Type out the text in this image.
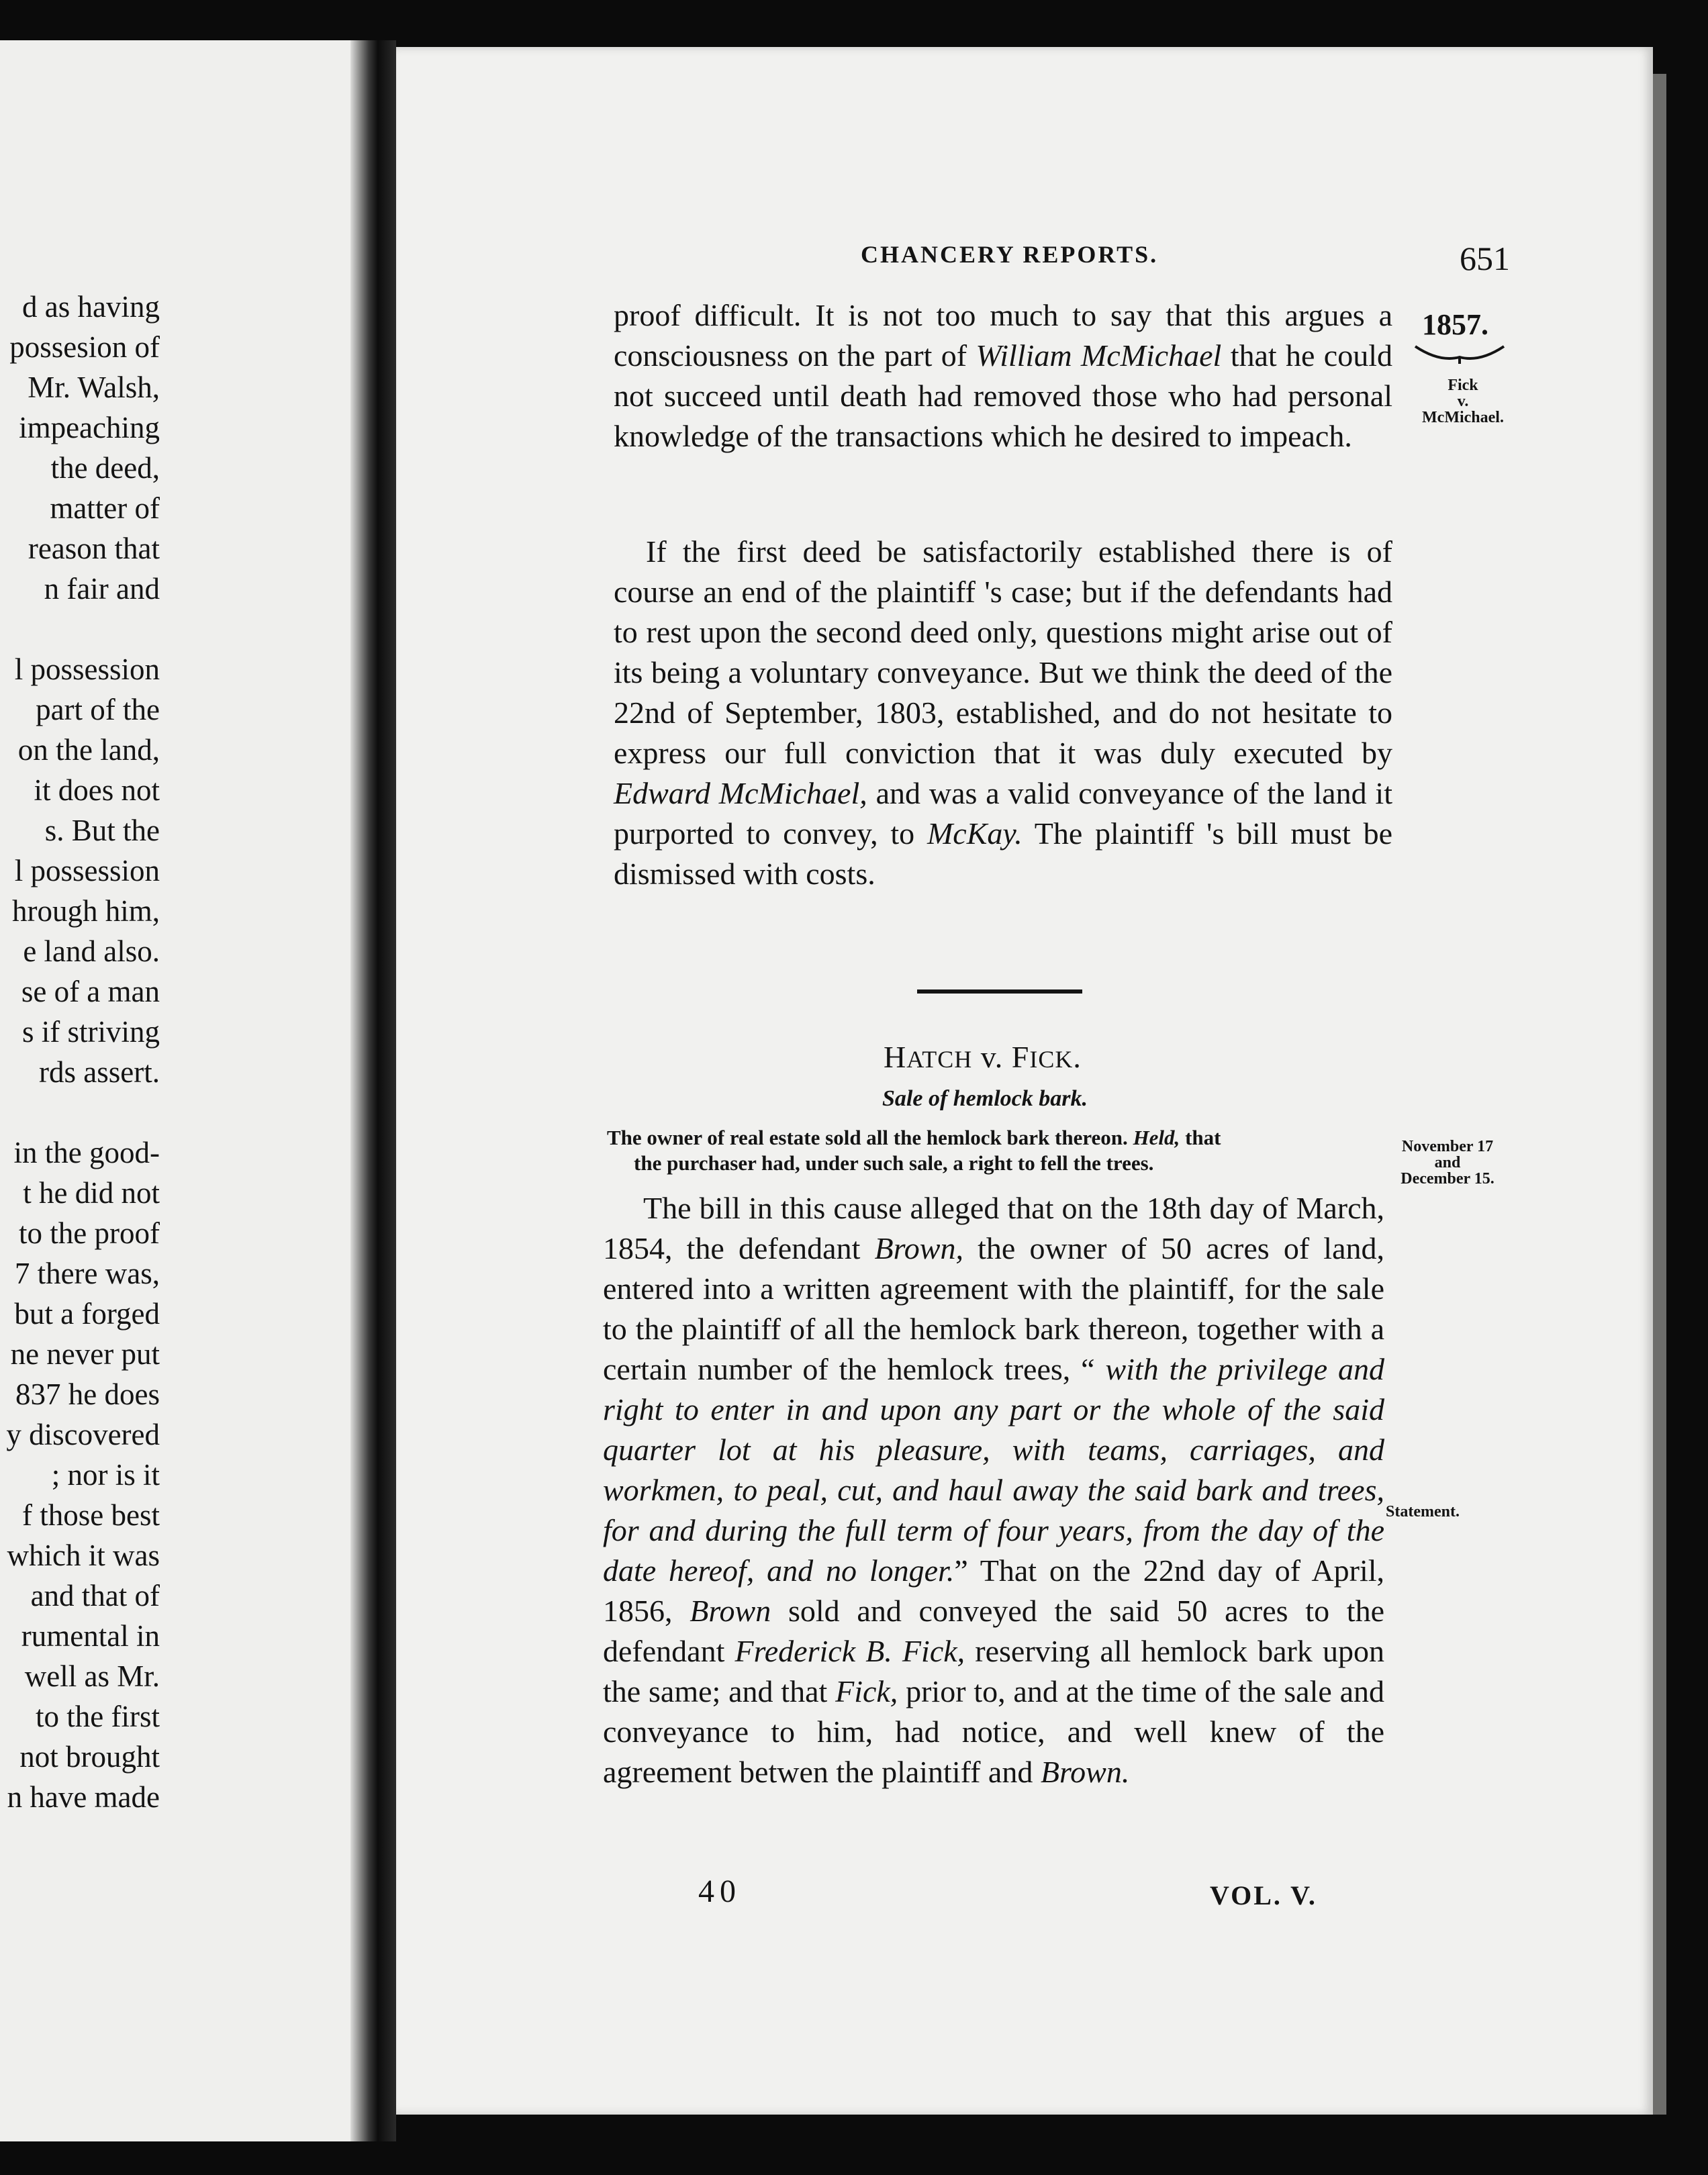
d as having
possesion of
Mr. Walsh,
impeaching
the deed,
matter of
reason that
n fair and
l possession
part of the
on the land,
it does not
s. But the
l possession
hrough him,
e land also.
se of a man
s if striving
rds assert.
in the good-
t he did not
to the proof
7 there was,
but a forged
ne never put
837 he does
y discovered
; nor is it
f those best
which it was
and that of
rumental in
well as Mr.
to the first
not brought
n have made
CHANCERY REPORTS.	651
1857.
Fick
v.
McMichael.
proof difficult. It is not too much to say that this argues a consciousness on the part of William McMichael that he could not succeed until death had removed those who had personal knowledge of the transactions which he desired to impeach.
If the first deed be satisfactorily established there is of course an end of the plaintiff 's case; but if the defendants had to rest upon the second deed only, questions might arise out of its being a voluntary conveyance. But we think the deed of the 22nd of September, 1803, established, and do not hesitate to express our full conviction that it was duly executed by Edward McMichael, and was a valid conveyance of the land it purported to convey, to McKay. The plaintiff 's bill must be dismissed with costs.
HATCH v. FICK.
Sale of hemlock bark.
The owner of real estate sold all the hemlock bark thereon. Held, that
the purchaser had, under such sale, a right to fell the trees.
November 17
and
December 15.
The bill in this cause alleged that on the 18th day of March, 1854, the defendant Brown, the owner of 50 acres of land, entered into a written agreement with the plaintiff, for the sale to the plaintiff of all the hemlock bark thereon, together with a certain number of the hemlock trees, “ with the privilege and right to enter in and upon any part or the whole of the said quarter lot at his pleasure, with teams, carriages, and workmen, to peal, cut, and haul away the said bark and trees, for and during the full term of four years, from the day of the date hereof, and no longer.” That on the 22nd day of April, 1856, Brown sold and conveyed the said 50 acres to the defendant Frederick B. Fick, reserving all hemlock bark upon the same; and that Fick, prior to, and at the time of the sale and conveyance to him, had notice, and well knew of the agreement betwen the plaintiff and Brown.
Statement.
40	VOL. V.
